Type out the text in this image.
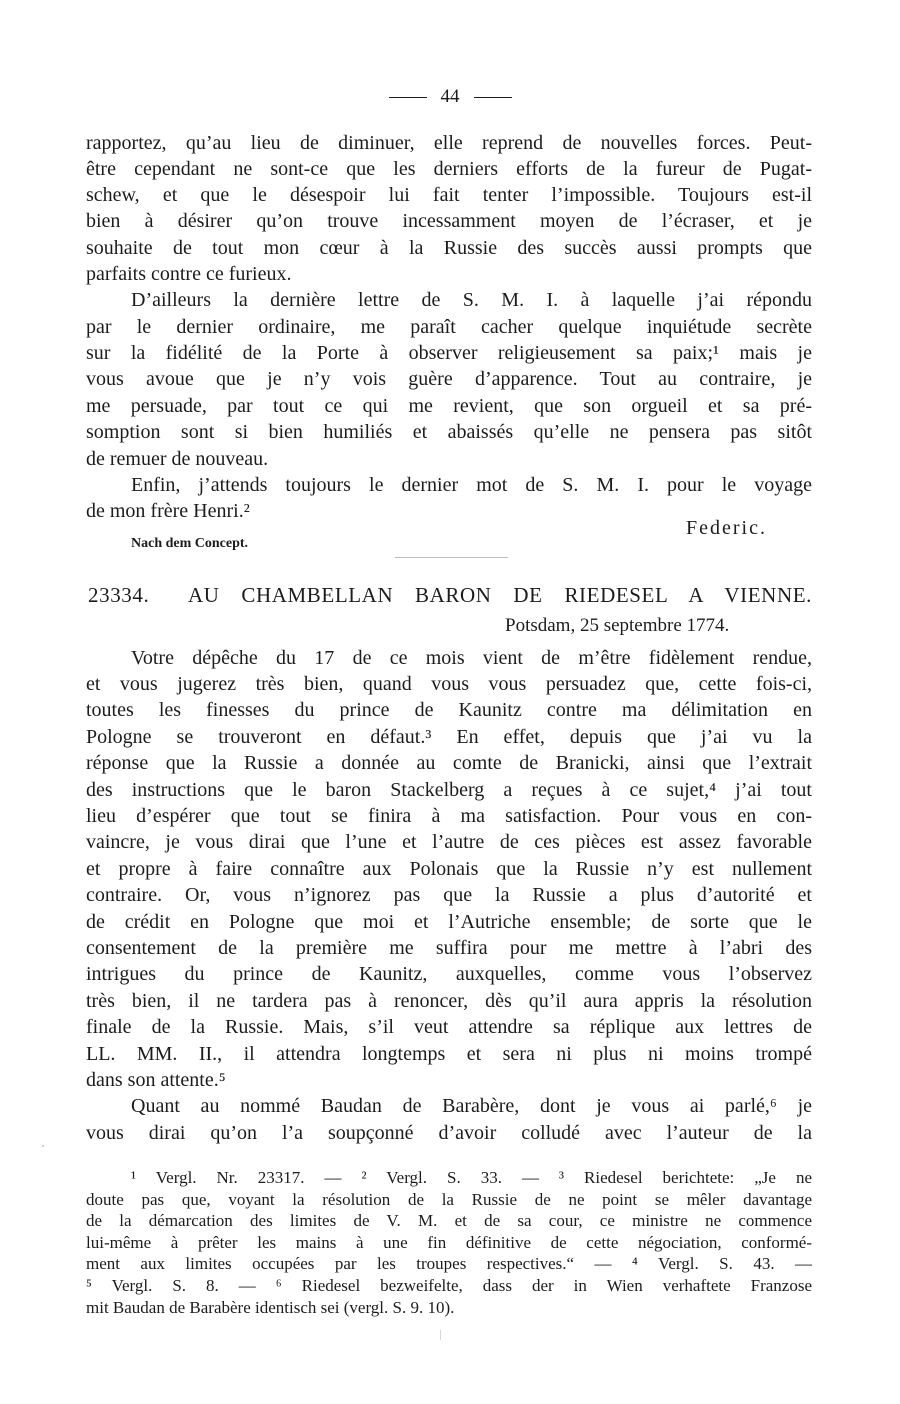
44
rapportez, qu’au lieu de diminuer, elle reprend de nouvelles forces. Peut-
être cependant ne sont-ce que les derniers efforts de la fureur de Pugat-
schew, et que le désespoir lui fait tenter l’impossible. Toujours est-il
bien à désirer qu’on trouve incessamment moyen de l’écraser, et je
souhaite de tout mon cœur à la Russie des succès aussi prompts que
parfaits contre ce furieux.
D’ailleurs la dernière lettre de S. M. I. à laquelle j’ai répondu
par le dernier ordinaire, me paraît cacher quelque inquiétude secrète
sur la fidélité de la Porte à observer religieusement sa paix;¹ mais je
vous avoue que je n’y vois guère d’apparence. Tout au contraire, je
me persuade, par tout ce qui me revient, que son orgueil et sa pré-
somption sont si bien humiliés et abaissés qu’elle ne pensera pas sitôt
de remuer de nouveau.
Enfin, j’attends toujours le dernier mot de S. M. I. pour le voyage
de mon frère Henri.²
Federic.
Nach dem Concept.
23334. AU CHAMBELLAN BARON DE RIEDESEL A VIENNE.
Potsdam, 25 septembre 1774.
Votre dépêche du 17 de ce mois vient de m’être fidèlement rendue,
et vous jugerez très bien, quand vous vous persuadez que, cette fois-ci,
toutes les finesses du prince de Kaunitz contre ma délimitation en
Pologne se trouveront en défaut.³ En effet, depuis que j’ai vu la
réponse que la Russie a donnée au comte de Branicki, ainsi que l’extrait
des instructions que le baron Stackelberg a reçues à ce sujet,⁴ j’ai tout
lieu d’espérer que tout se finira à ma satisfaction. Pour vous en con-
vaincre, je vous dirai que l’une et l’autre de ces pièces est assez favorable
et propre à faire connaître aux Polonais que la Russie n’y est nullement
contraire. Or, vous n’ignorez pas que la Russie a plus d’autorité et
de crédit en Pologne que moi et l’Autriche ensemble; de sorte que le
consentement de la première me suffira pour me mettre à l’abri des
intrigues du prince de Kaunitz, auxquelles, comme vous l’observez
très bien, il ne tardera pas à renoncer, dès qu’il aura appris la résolution
finale de la Russie. Mais, s’il veut attendre sa réplique aux lettres de
LL. MM. II., il attendra longtemps et sera ni plus ni moins trompé
dans son attente.⁵
Quant au nommé Baudan de Barabère, dont je vous ai parlé,⁶ je
vous dirai qu’on l’a soupçonné d’avoir colludé avec l’auteur de la
¹ Vergl. Nr. 23317. — ² Vergl. S. 33. — ³ Riedesel berichtete: „Je ne
doute pas que, voyant la résolution de la Russie de ne point se mêler davantage
de la démarcation des limites de V. M. et de sa cour, ce ministre ne commence
lui-même à prêter les mains à une fin définitive de cette négociation, conformé-
ment aux limites occupées par les troupes respectives.“ — ⁴ Vergl. S. 43. —
⁵ Vergl. S. 8. — ⁶ Riedesel bezweifelte, dass der in Wien verhaftete Franzose
mit Baudan de Barabère identisch sei (vergl. S. 9. 10).
